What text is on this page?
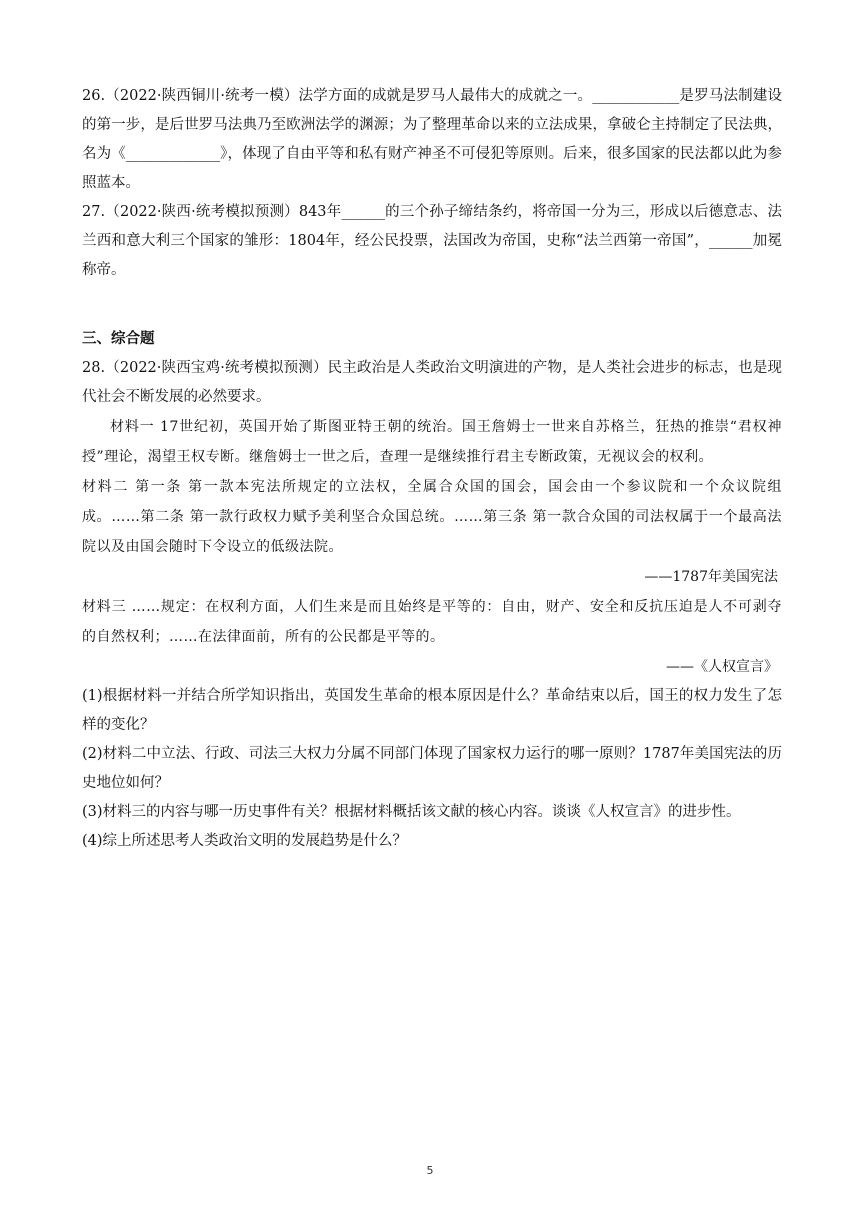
26.（2022·陕西铜川·统考一模）法学方面的成就是罗马人最伟大的成就之一。____________是罗马法制建设的第一步，是后世罗马法典乃至欧洲法学的渊源；为了整理革命以来的立法成果，拿破仑主持制定了民法典，名为《_____________》，体现了自由平等和私有财产神圣不可侵犯等原则。后来，很多国家的民法都以此为参照蓝本。

27.（2022·陕西·统考模拟预测）843年______的三个孙子缔结条约，将帝国一分为三，形成以后德意志、法兰西和意大利三个国家的雏形：1804年，经公民投票，法国改为帝国，史称“法兰西第一帝国”，______加冕称帝。

三、综合题

28.（2022·陕西宝鸡·统考模拟预测）民主政治是人类政治文明演进的产物，是人类社会进步的标志，也是现代社会不断发展的必然要求。

材料一 17世纪初，英国开始了斯图亚特王朝的统治。国王詹姆士一世来自苏格兰，狂热的推崇“君权神授”理论，渴望王权专断。继詹姆士一世之后，查理一是继续推行君主专断政策，无视议会的权利。

材料二 第一条 第一款本宪法所规定的立法权，全属合众国的国会，国会由一个参议院和一个众议院组成。……第二条 第一款行政权力赋予美利坚合众国总统。……第三条 第一款合众国的司法权属于一个最高法院以及由国会随时下令设立的低级法院。

——1787年美国宪法

材料三 ……规定：在权利方面，人们生来是而且始终是平等的：自由，财产、安全和反抗压迫是人不可剥夺的自然权利；……在法律面前，所有的公民都是平等的。

——《人权宣言》

(1)根据材料一并结合所学知识指出，英国发生革命的根本原因是什么？革命结束以后，国王的权力发生了怎样的变化？

(2)材料二中立法、行政、司法三大权力分属不同部门体现了国家权力运行的哪一原则？1787年美国宪法的历史地位如何？

(3)材料三的内容与哪一历史事件有关？根据材料概括该文献的核心内容。谈谈《人权宣言》的进步性。

(4)综上所述思考人类政治文明的发展趋势是什么？

5
